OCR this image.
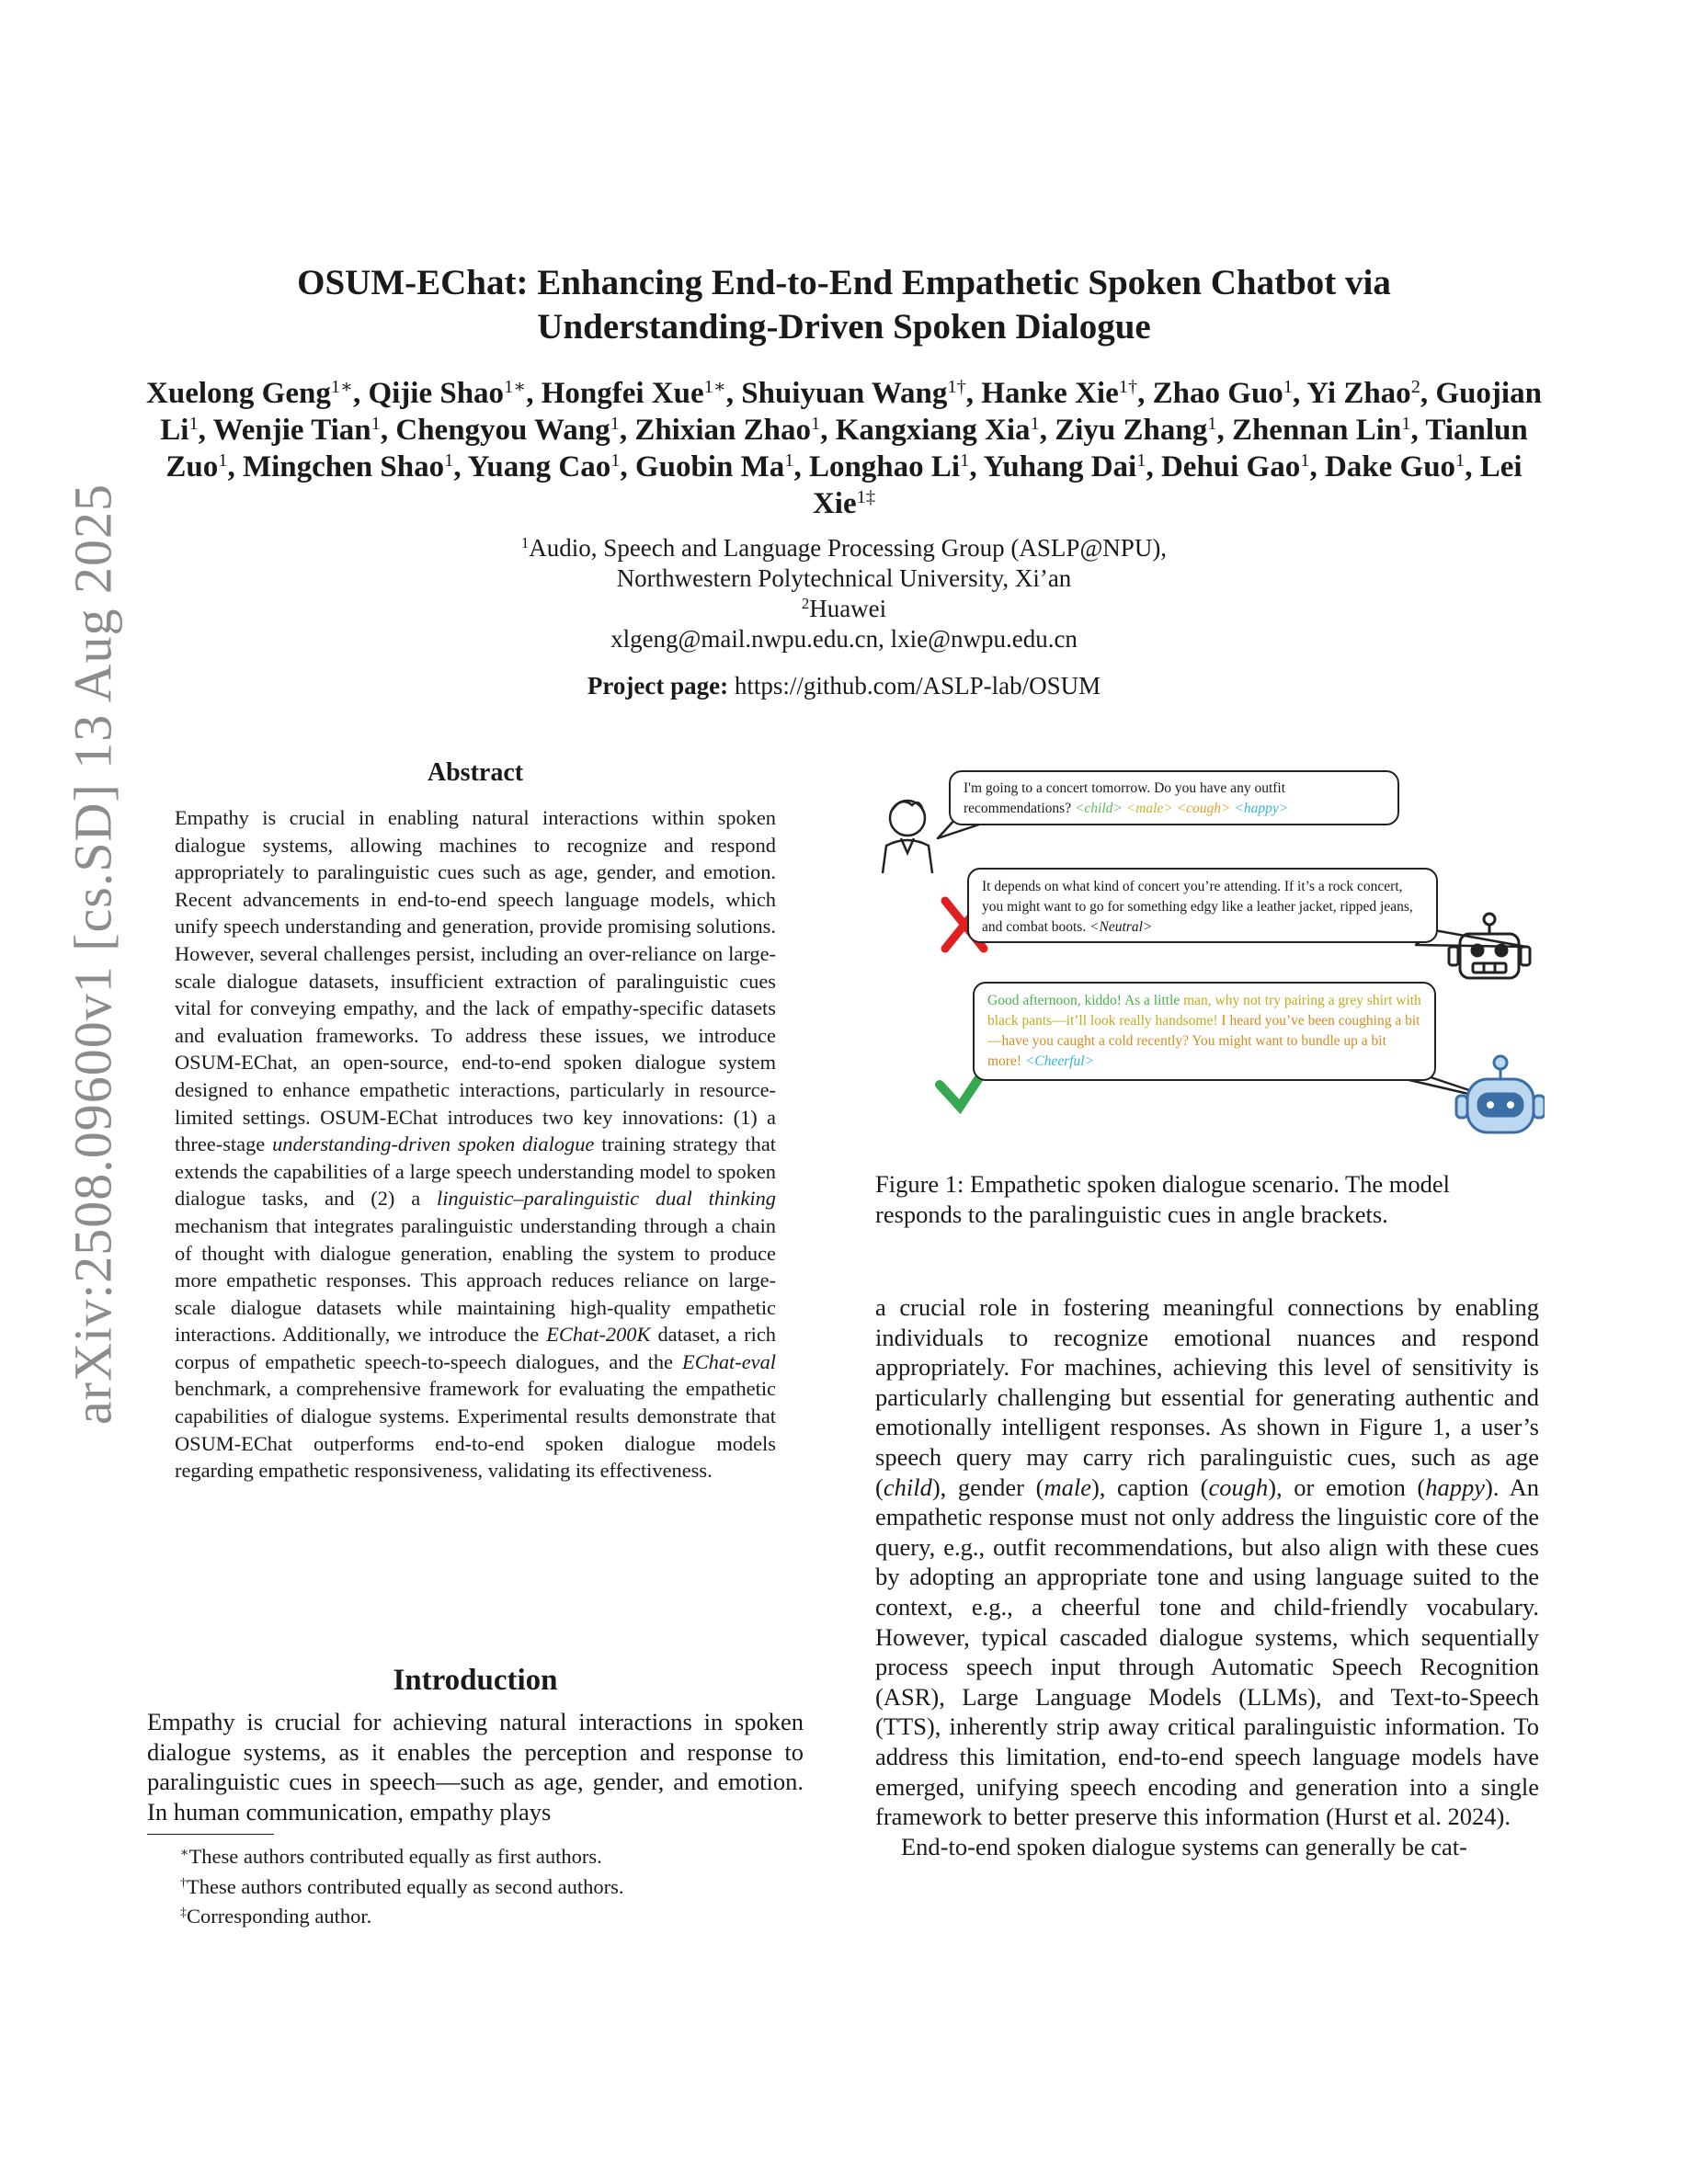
arXiv:2508.09600v1 [cs.SD] 13 Aug 2025
OSUM-EChat: Enhancing End-to-End Empathetic Spoken Chatbot via
Understanding-Driven Spoken Dialogue
Xuelong Geng$^{1∗}$, Qijie Shao$^{1∗}$, Hongfei Xue$^{1∗}$, Shuiyuan Wang$^{1\dagger}$, Hanke Xie$^{1\dagger}$, Zhao Guo$^1$, Yi Zhao$^2$, Guojian Li$^1$, Wenjie Tian$^1$, Chengyou Wang$^1$, Zhixian Zhao$^1$, Kangxiang Xia$^1$, Ziyu Zhang$^1$, Zhennan Lin$^1$, Tianlun Zuo$^1$, Mingchen Shao$^1$, Yuang Cao$^1$, Guobin Ma$^1$, Longhao Li$^1$, Yuhang Dai$^1$, Dehui Gao$^1$, Dake Guo$^1$, Lei Xie$^{1\ddagger}$
$^1$Audio, Speech and Language Processing Group (ASLP@NPU),
Northwestern Polytechnical University, Xi’an
$^2$Huawei
xlgeng@mail.nwpu.edu.cn, lxie@nwpu.edu.cn
Project page: https://github.com/ASLP-lab/OSUM
Abstract
Empathy is crucial in enabling natural interactions within spoken dialogue systems, allowing machines to recognize and respond appropriately to paralinguistic cues such as age, gender, and emotion. Recent advancements in end-to-end speech language models, which unify speech understanding and generation, provide promising solutions. However, several challenges persist, including an over-reliance on large-scale dialogue datasets, insufficient extraction of paralinguistic cues vital for conveying empathy, and the lack of empathy-specific datasets and evaluation frameworks. To address these issues, we introduce OSUM-EChat, an open-source, end-to-end spoken dialogue system designed to enhance empathetic interactions, particularly in resource-limited settings. OSUM-EChat introduces two key innovations: (1) a three-stage understanding-driven spoken dialogue training strategy that extends the capabilities of a large speech understanding model to spoken dialogue tasks, and (2) a linguistic–paralinguistic dual thinking mechanism that integrates paralinguistic understanding through a chain of thought with dialogue generation, enabling the system to produce more empathetic responses. This approach reduces reliance on large-scale dialogue datasets while maintaining high-quality empathetic interactions. Additionally, we introduce the EChat-200K dataset, a rich corpus of empathetic speech-to-speech dialogues, and the EChat-eval benchmark, a comprehensive framework for evaluating the empathetic capabilities of dialogue systems. Experimental results demonstrate that OSUM-EChat outperforms end-to-end spoken dialogue models regarding empathetic responsiveness, validating its effectiveness.
Introduction
Empathy is crucial for achieving natural interactions in spoken dialogue systems, as it enables the perception and response to paralinguistic cues in speech—such as age, gender, and emotion. In human communication, empathy plays
∗These authors contributed equally as first authors.
†These authors contributed equally as second authors.
‡Corresponding author.
I'm going to a concert tomorrow. Do you have any outfit recommendations? <child> <male> <cough> <happy>
It depends on what kind of concert you’re attending. If it’s a rock concert, you might want to go for something edgy like a leather jacket, ripped jeans, and combat boots. <Neutral>
Good afternoon, kiddo! As a little man, why not try pairing a grey shirt with black pants—it’ll look really handsome! I heard you’ve been coughing a bit—have you caught a cold recently? You might want to bundle up a bit more! <Cheerful>
Figure 1: Empathetic spoken dialogue scenario. The model responds to the paralinguistic cues in angle brackets.

a crucial role in fostering meaningful connections by enabling individuals to recognize emotional nuances and respond appropriately. For machines, achieving this level of sensitivity is particularly challenging but essential for generating authentic and emotionally intelligent responses. As shown in Figure 1, a user’s speech query may carry rich paralinguistic cues, such as age (child), gender (male), caption (cough), or emotion (happy). An empathetic response must not only address the linguistic core of the query, e.g., outfit recommendations, but also align with these cues by adopting an appropriate tone and using language suited to the context, e.g., a cheerful tone and child-friendly vocabulary. However, typical cascaded dialogue systems, which sequentially process speech input through Automatic Speech Recognition (ASR), Large Language Models (LLMs), and Text-to-Speech (TTS), inherently strip away critical paralinguistic information. To address this limitation, end-to-end speech language models have emerged, unifying speech encoding and generation into a single framework to better preserve this information (Hurst et al. 2024).

End-to-end spoken dialogue systems can generally be cat-
